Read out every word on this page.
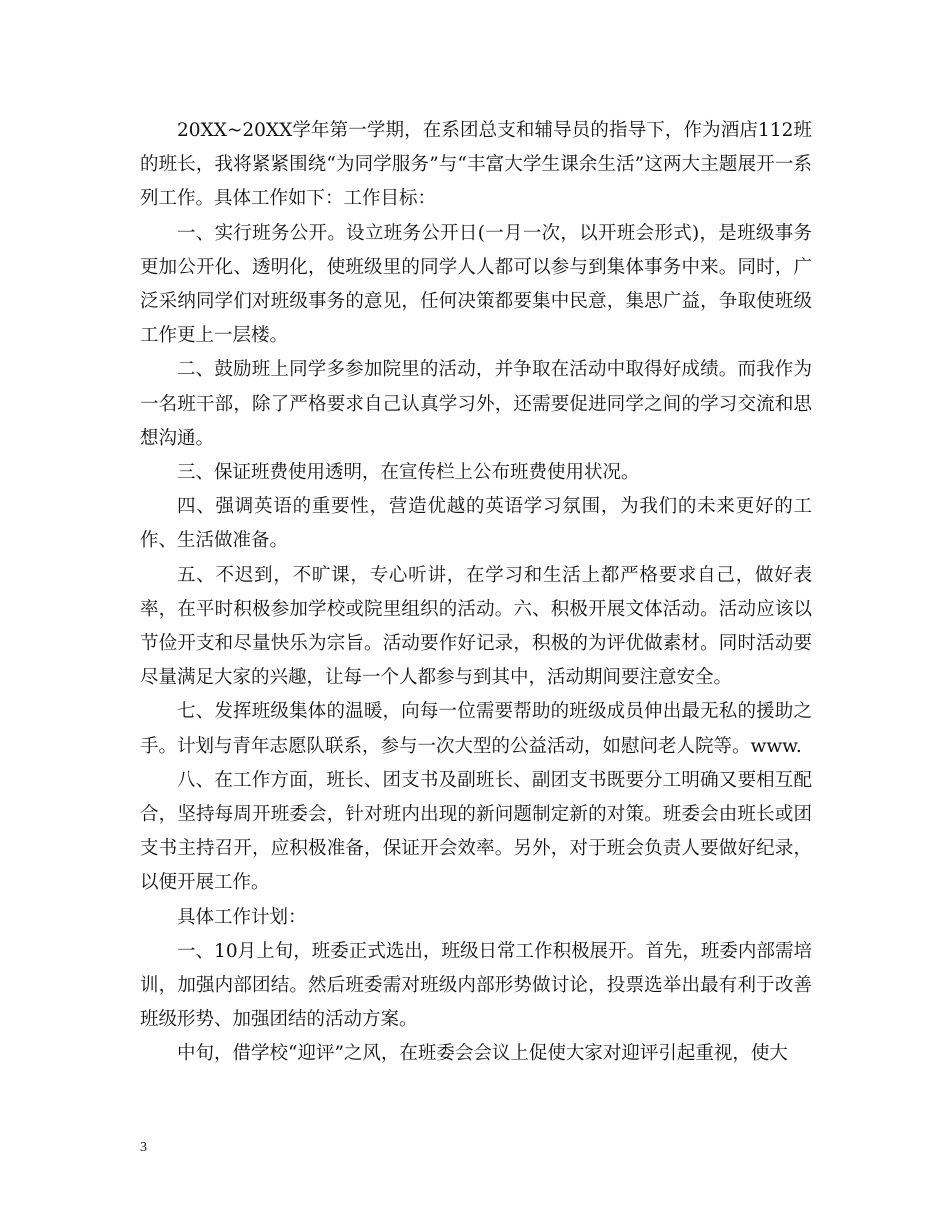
20XX~20XX学年第一学期，在系团总支和辅导员的指导下，作为酒店112班的班长，我将紧紧围绕“为同学服务”与“丰富大学生课余生活”这两大主题展开一系列工作。具体工作如下：工作目标：

一、实行班务公开。设立班务公开日(一月一次，以开班会形式)，是班级事务更加公开化、透明化，使班级里的同学人人都可以参与到集体事务中来。同时，广泛采纳同学们对班级事务的意见，任何决策都要集中民意，集思广益，争取使班级工作更上一层楼。

二、鼓励班上同学多参加院里的活动，并争取在活动中取得好成绩。而我作为一名班干部，除了严格要求自己认真学习外，还需要促进同学之间的学习交流和思想沟通。

三、保证班费使用透明，在宣传栏上公布班费使用状况。

四、强调英语的重要性，营造优越的英语学习氛围，为我们的未来更好的工作、生活做准备。

五、不迟到，不旷课，专心听讲，在学习和生活上都严格要求自己，做好表率，在平时积极参加学校或院里组织的活动。六、积极开展文体活动。活动应该以节俭开支和尽量快乐为宗旨。活动要作好记录，积极的为评优做素材。同时活动要尽量满足大家的兴趣，让每一个人都参与到其中，活动期间要注意安全。

七、发挥班级集体的温暖，向每一位需要帮助的班级成员伸出最无私的援助之手。计划与青年志愿队联系，参与一次大型的公益活动，如慰问老人院等。www.

八、在工作方面，班长、团支书及副班长、副团支书既要分工明确又要相互配合，坚持每周开班委会，针对班内出现的新问题制定新的对策。班委会由班长或团支书主持召开，应积极准备，保证开会效率。另外，对于班会负责人要做好纪录，以便开展工作。

具体工作计划：

一、10月上旬，班委正式选出，班级日常工作积极展开。首先，班委内部需培训，加强内部团结。然后班委需对班级内部形势做讨论，投票选举出最有利于改善班级形势、加强团结的活动方案。

中旬，借学校“迎评”之风，在班委会会议上促使大家对迎评引起重视，使大

3
